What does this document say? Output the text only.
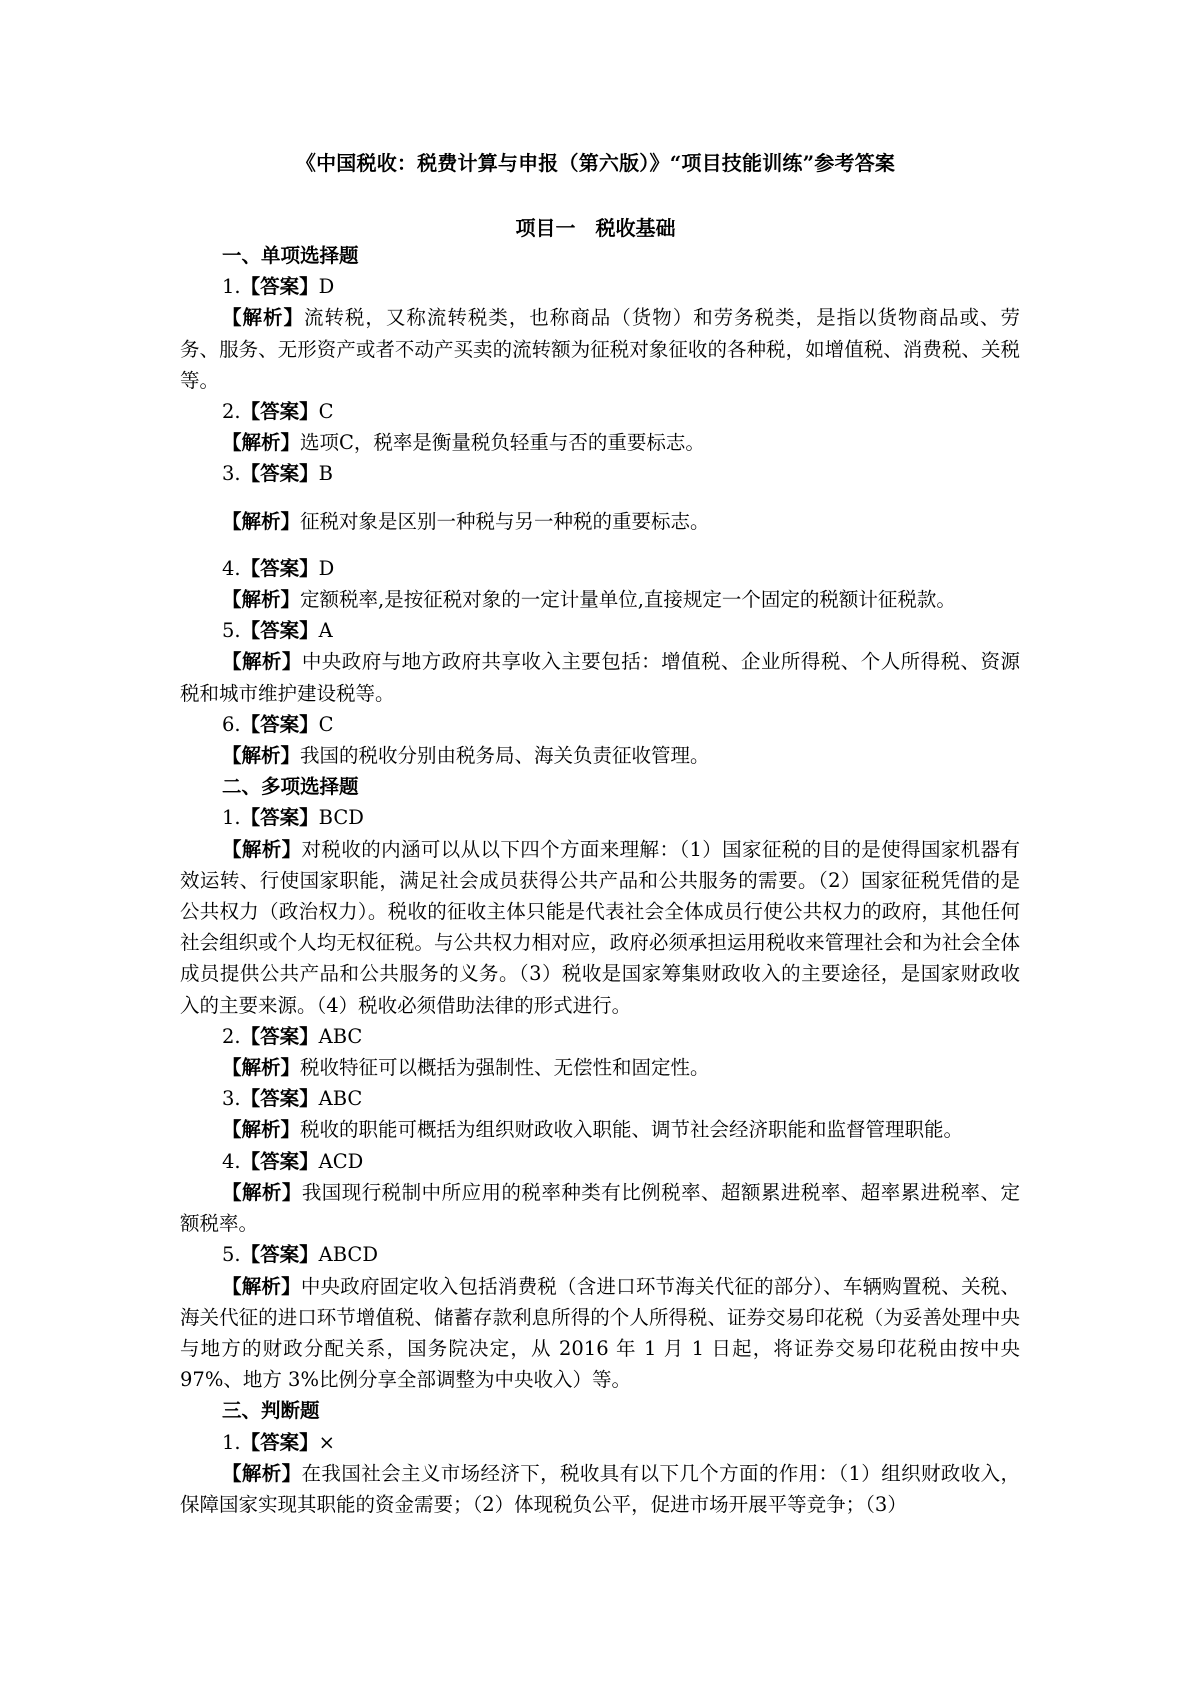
《中国税收：税费计算与申报（第六版）》“项目技能训练”参考答案
项目一　税收基础

一、单项选择题

1.【答案】D

【解析】流转税，又称流转税类，也称商品（货物）和劳务税类，是指以货物商品或、劳务、服务、无形资产或者不动产买卖的流转额为征税对象征收的各种税，如增值税、消费税、关税等。

2.【答案】C

【解析】选项C，税率是衡量税负轻重与否的重要标志。

3.【答案】B

【解析】征税对象是区别一种税与另一种税的重要标志。

4.【答案】D

【解析】定额税率,是按征税对象的一定计量单位,直接规定一个固定的税额计征税款。

5.【答案】A

【解析】中央政府与地方政府共享收入主要包括：增值税、企业所得税、个人所得税、资源税和城市维护建设税等。

6.【答案】C

【解析】我国的税收分别由税务局、海关负责征收管理。

二、多项选择题

1.【答案】BCD

【解析】对税收的内涵可以从以下四个方面来理解：（1）国家征税的目的是使得国家机器有效运转、行使国家职能，满足社会成员获得公共产品和公共服务的需要。（2）国家征税凭借的是公共权力（政治权力）。税收的征收主体只能是代表社会全体成员行使公共权力的政府，其他任何社会组织或个人均无权征税。与公共权力相对应，政府必须承担运用税收来管理社会和为社会全体成员提供公共产品和公共服务的义务。（3）税收是国家筹集财政收入的主要途径，是国家财政收入的主要来源。（4）税收必须借助法律的形式进行。

2.【答案】ABC

【解析】税收特征可以概括为强制性、无偿性和固定性。

3.【答案】ABC

【解析】税收的职能可概括为组织财政收入职能、调节社会经济职能和监督管理职能。

4.【答案】ACD

【解析】我国现行税制中所应用的税率种类有比例税率、超额累进税率、超率累进税率、定额税率。

5.【答案】ABCD

【解析】中央政府固定收入包括消费税（含进口环节海关代征的部分）、车辆购置税、关税、海关代征的进口环节增值税、储蓄存款利息所得的个人所得税、证券交易印花税（为妥善处理中央与地方的财政分配关系，国务院决定，从 2016 年 1 月 1 日起，将证券交易印花税由按中央 97%、地方 3%比例分享全部调整为中央收入）等。

三、判断题

1.【答案】×

【解析】在我国社会主义市场经济下，税收具有以下几个方面的作用：（1）组织财政收入，保障国家实现其职能的资金需要；（2）体现税负公平，促进市场开展平等竞争；（3）
